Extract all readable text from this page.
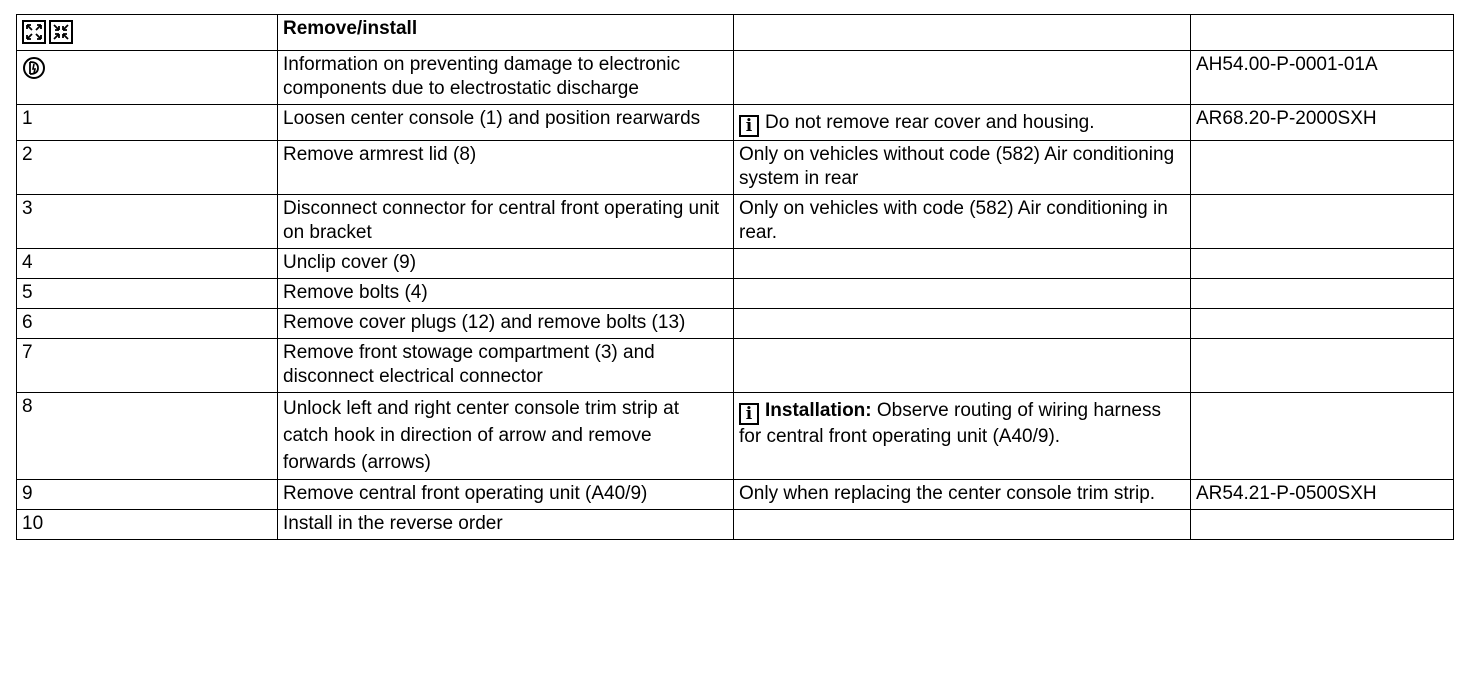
	Remove/install		
	Information on preventing damage to electronic components due to electrostatic discharge		AH54.00-P-0001-01A
1	Loosen center console (1) and position rearwards	i Do not remove rear cover and housing.	AR68.20-P-2000SXH
2	Remove armrest lid (8)	Only on vehicles without code (582) Air conditioning system in rear	
3	Disconnect connector for central front operating unit on bracket	Only on vehicles with code (582) Air conditioning in rear.	
4	Unclip cover (9)		
5	Remove bolts (4)		
6	Remove cover plugs (12) and remove bolts (13)		
7	Remove front stowage compartment (3) and disconnect electrical connector		
8	Unlock left and right center console trim strip at catch hook in direction of arrow and remove forwards (arrows)	i Installation: Observe routing of wiring harness for central front operating unit (A40/9).	
9	Remove central front operating unit (A40/9)	Only when replacing the center console trim strip.	AR54.21-P-0500SXH
10	Install in the reverse order		
